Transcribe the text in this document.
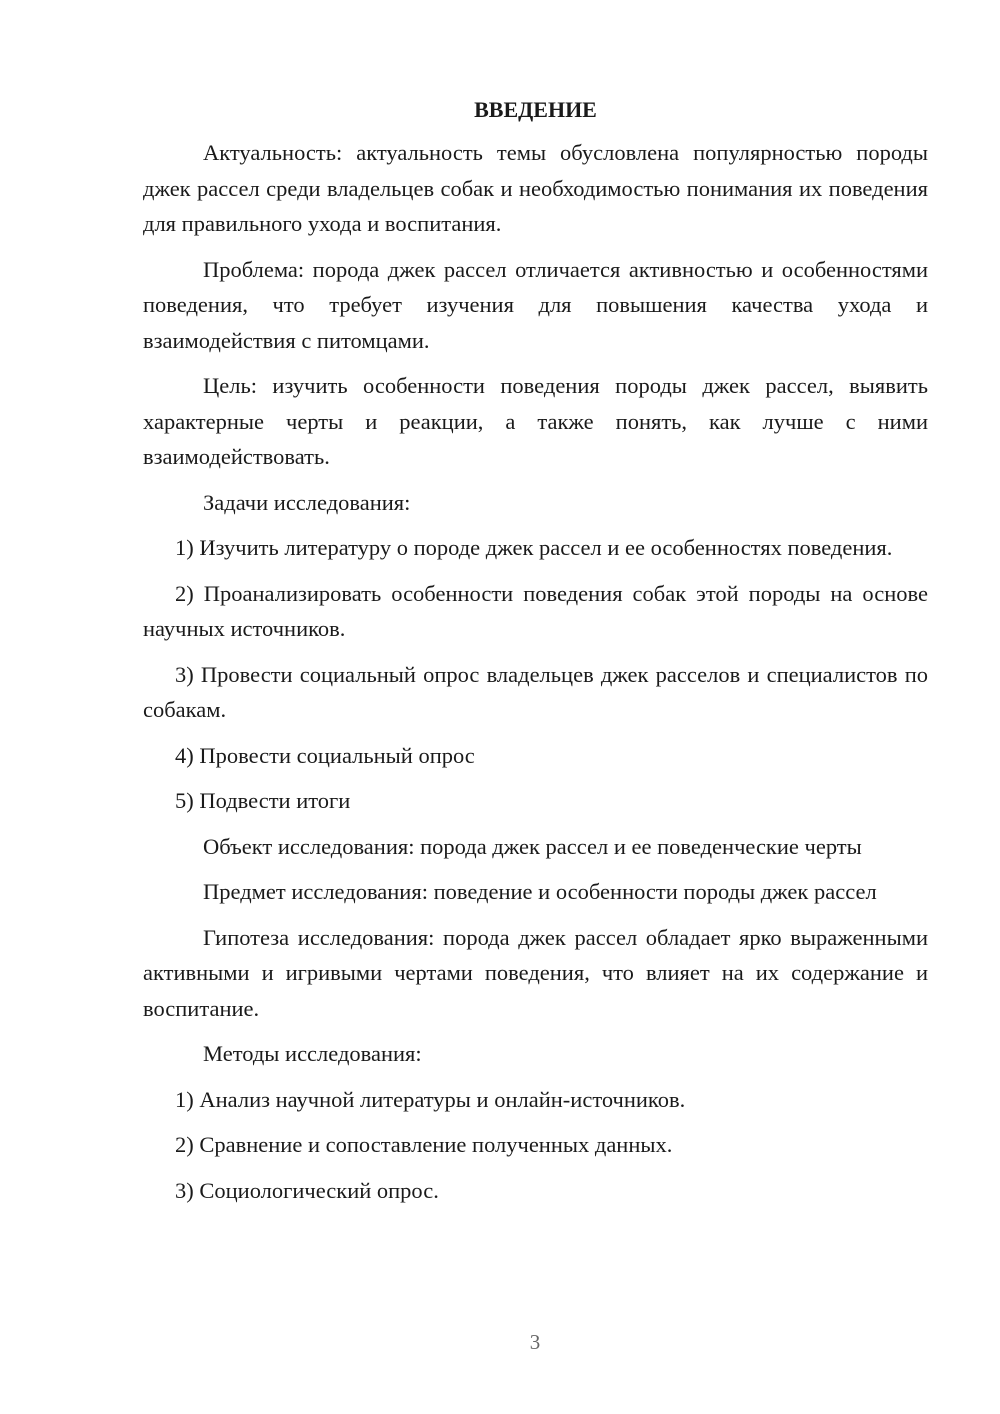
ВВЕДЕНИЕ

Актуальность: актуальность темы обусловлена популярностью породы джек рассел среди владельцев собак и необходимостью понимания их поведения для правильного ухода и воспитания.

Проблема: порода джек рассел отличается активностью и особенностями поведения, что требует изучения для повышения качества ухода и взаимодействия с питомцами.

Цель: изучить особенности поведения породы джек рассел, выявить характерные черты и реакции, а также понять, как лучше с ними взаимодействовать.

Задачи исследования:

1) Изучить литературу о породе джек рассел и ее особенностях поведения.

2) Проанализировать особенности поведения собак этой породы на основе научных источников.

3) Провести социальный опрос владельцев джек расселов и специалистов по собакам.

4) Провести социальный опрос

5) Подвести итоги

Объект исследования: порода джек рассел и ее поведенческие черты

Предмет исследования: поведение и особенности породы джек рассел

Гипотеза исследования: порода джек рассел обладает ярко выраженными активными и игривыми чертами поведения, что влияет на их содержание и воспитание.

Методы исследования:

1) Анализ научной литературы и онлайн-источников.

2) Сравнение и сопоставление полученных данных.

3) Социологический опрос.

3
